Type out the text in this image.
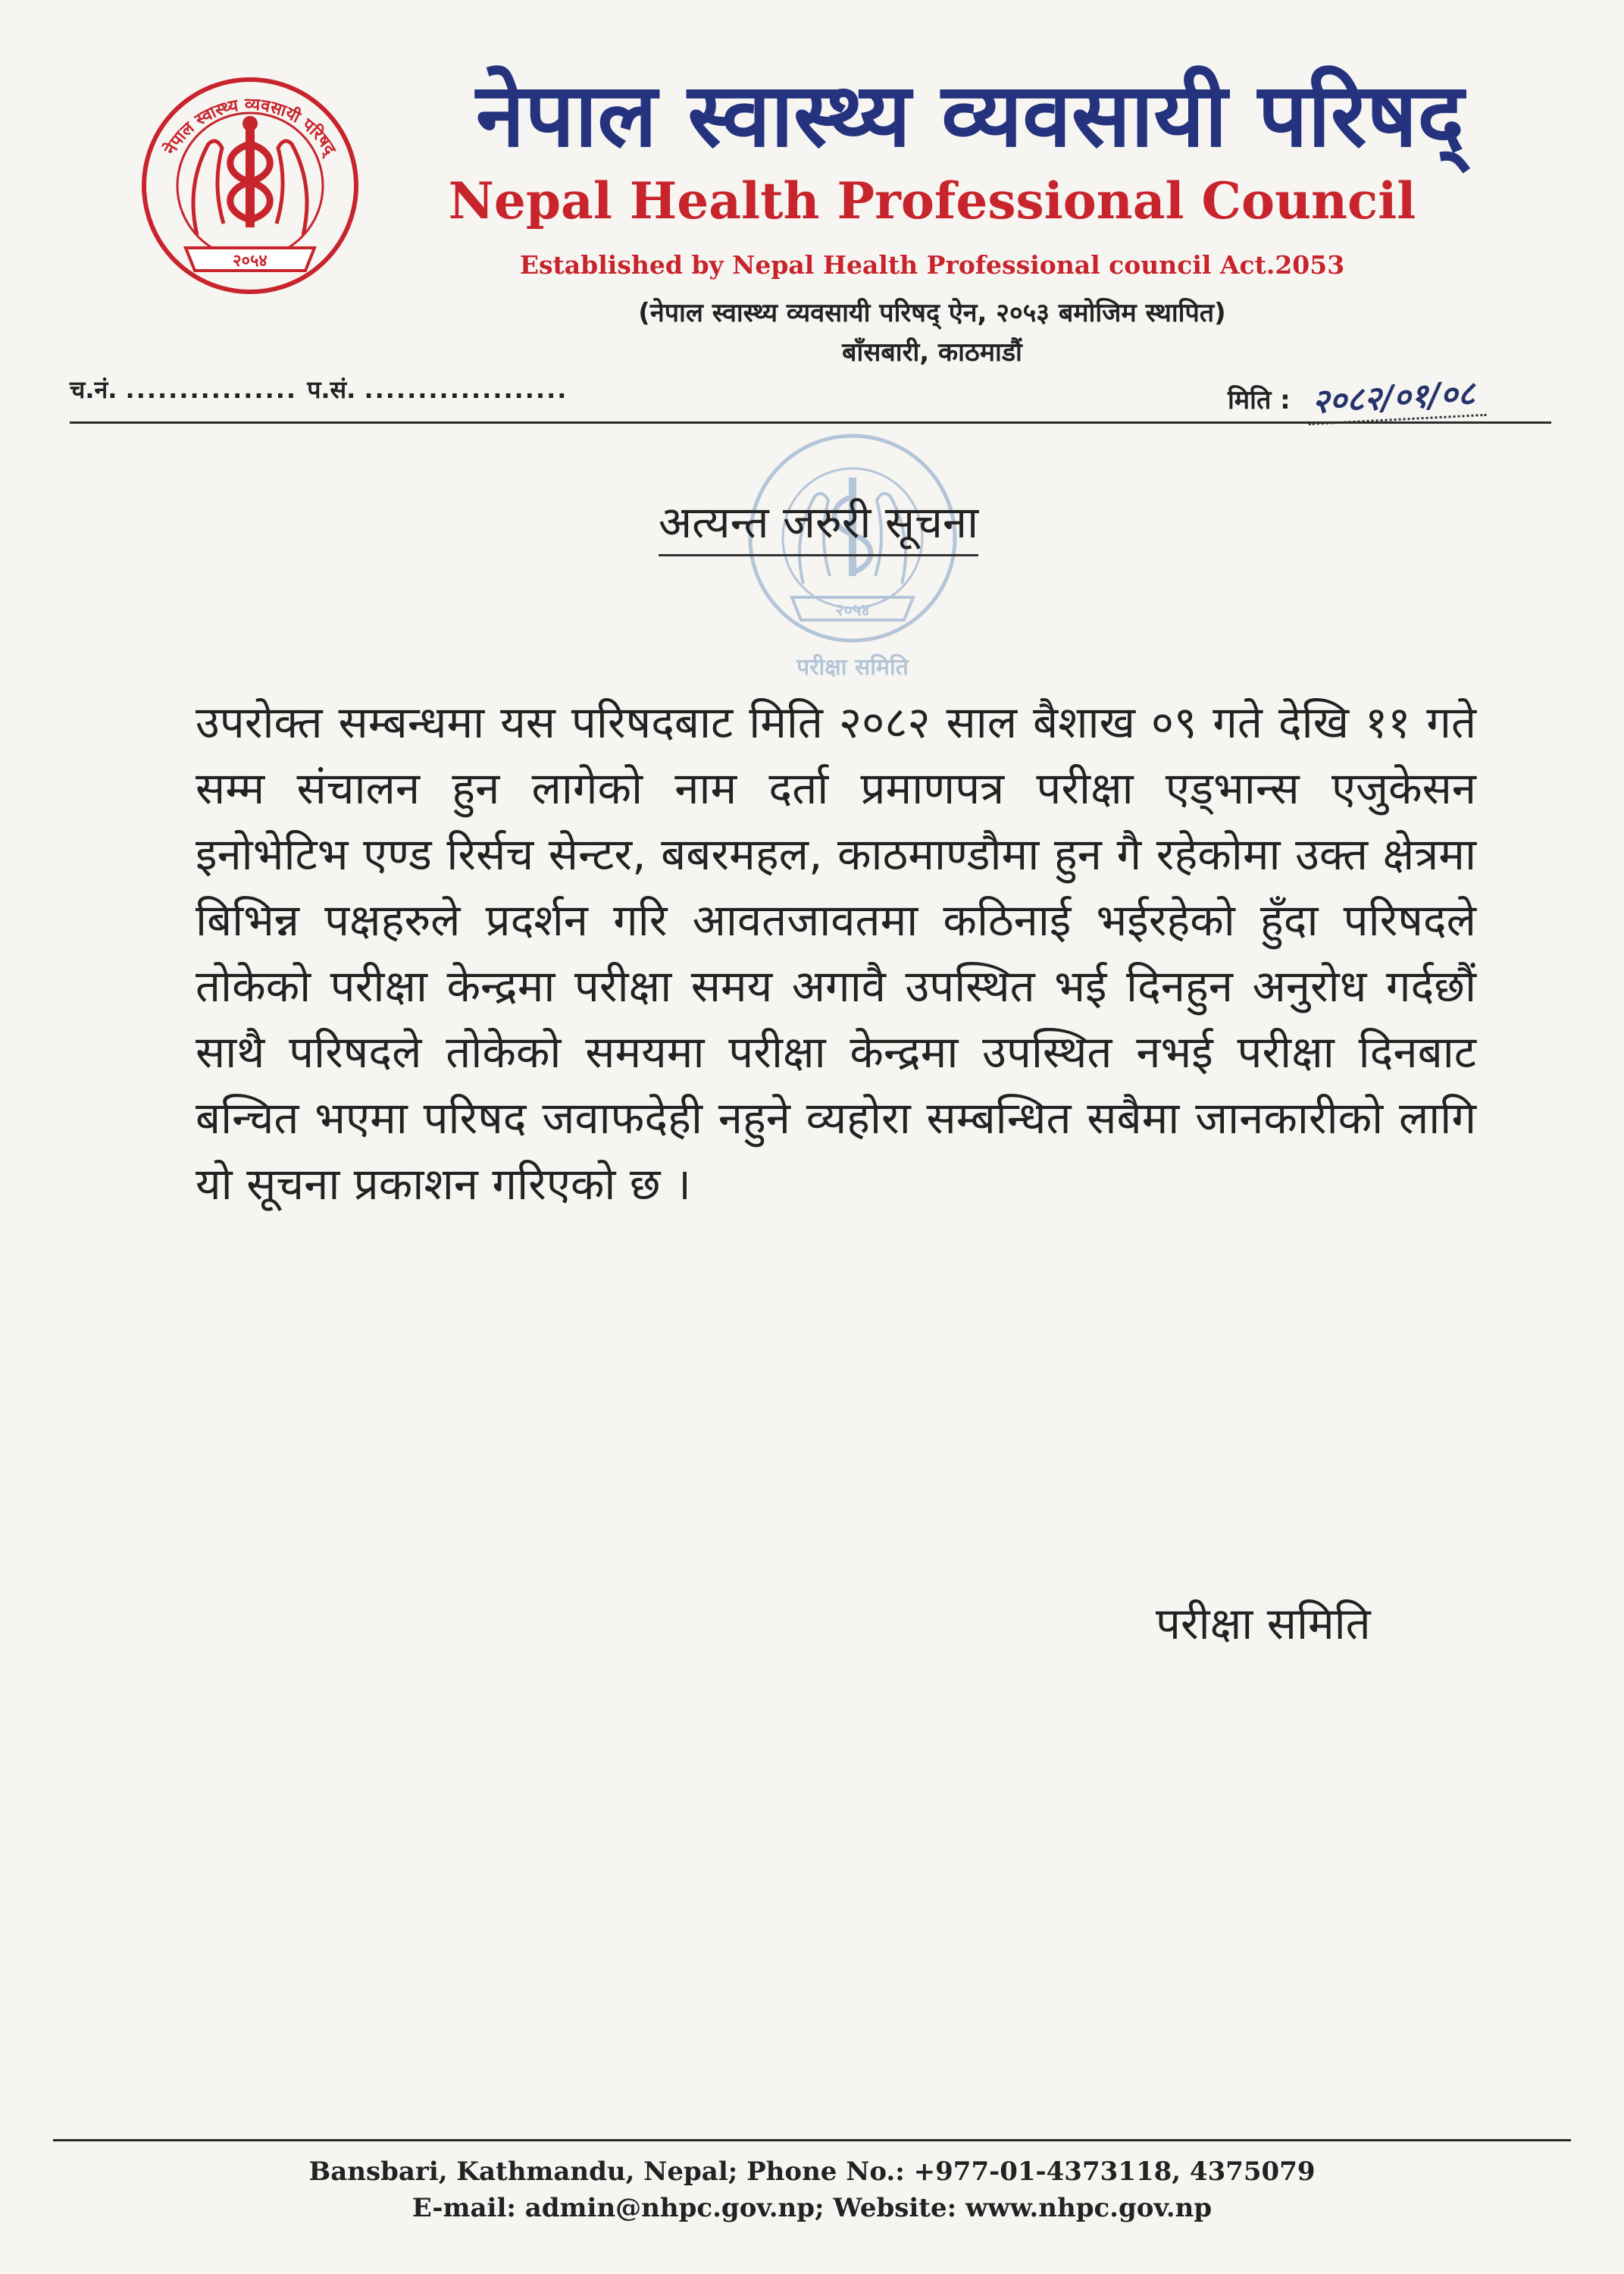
नेपाल स्वास्थ्य व्यवसायी परिषद्
२०५४
नेपाल स्वास्थ्य व्यवसायी परिषद्
Nepal Health Professional Council
Established by Nepal Health Professional council Act.2053
(नेपाल स्वास्थ्य व्यवसायी परिषद् ऐन, २०५३ बमोजिम स्थापित)
बाँसबारी, काठमाडौं
च.नं. ................ प.सं. ...................	मिति : २०८२/०१/०८
२०५४
परीक्षा समिति
अत्यन्त जरुरी सूचना
उपरोक्त सम्बन्धमा यस परिषदबाट मिति २०८२ साल बैशाख ०९ गते देखि ११ गते सम्म संचालन हुन लागेको नाम दर्ता प्रमाणपत्र परीक्षा एड्भान्स एजुकेसन इनोभेटिभ एण्ड रिर्सच सेन्टर, बबरमहल, काठमाण्डौमा हुन गै रहेकोमा उक्त क्षेत्रमा बिभिन्न पक्षहरुले प्रदर्शन गरि आवतजावतमा कठिनाई भईरहेको हुँदा परिषदले तोकेको परीक्षा केन्द्रमा परीक्षा समय अगावै उपस्थित भई दिनहुन अनुरोध गर्दछौं साथै परिषदले तोकेको समयमा परीक्षा केन्द्रमा उपस्थित नभई परीक्षा दिनबाट बन्चित भएमा परिषद जवाफदेही नहुने व्यहोरा सम्बन्धित सबैमा जानकारीको लागि यो सूचना प्रकाशन गरिएको छ ।
परीक्षा समिति
Bansbari, Kathmandu, Nepal; Phone No.: +977-01-4373118, 4375079
E-mail: admin@nhpc.gov.np; Website: www.nhpc.gov.np
